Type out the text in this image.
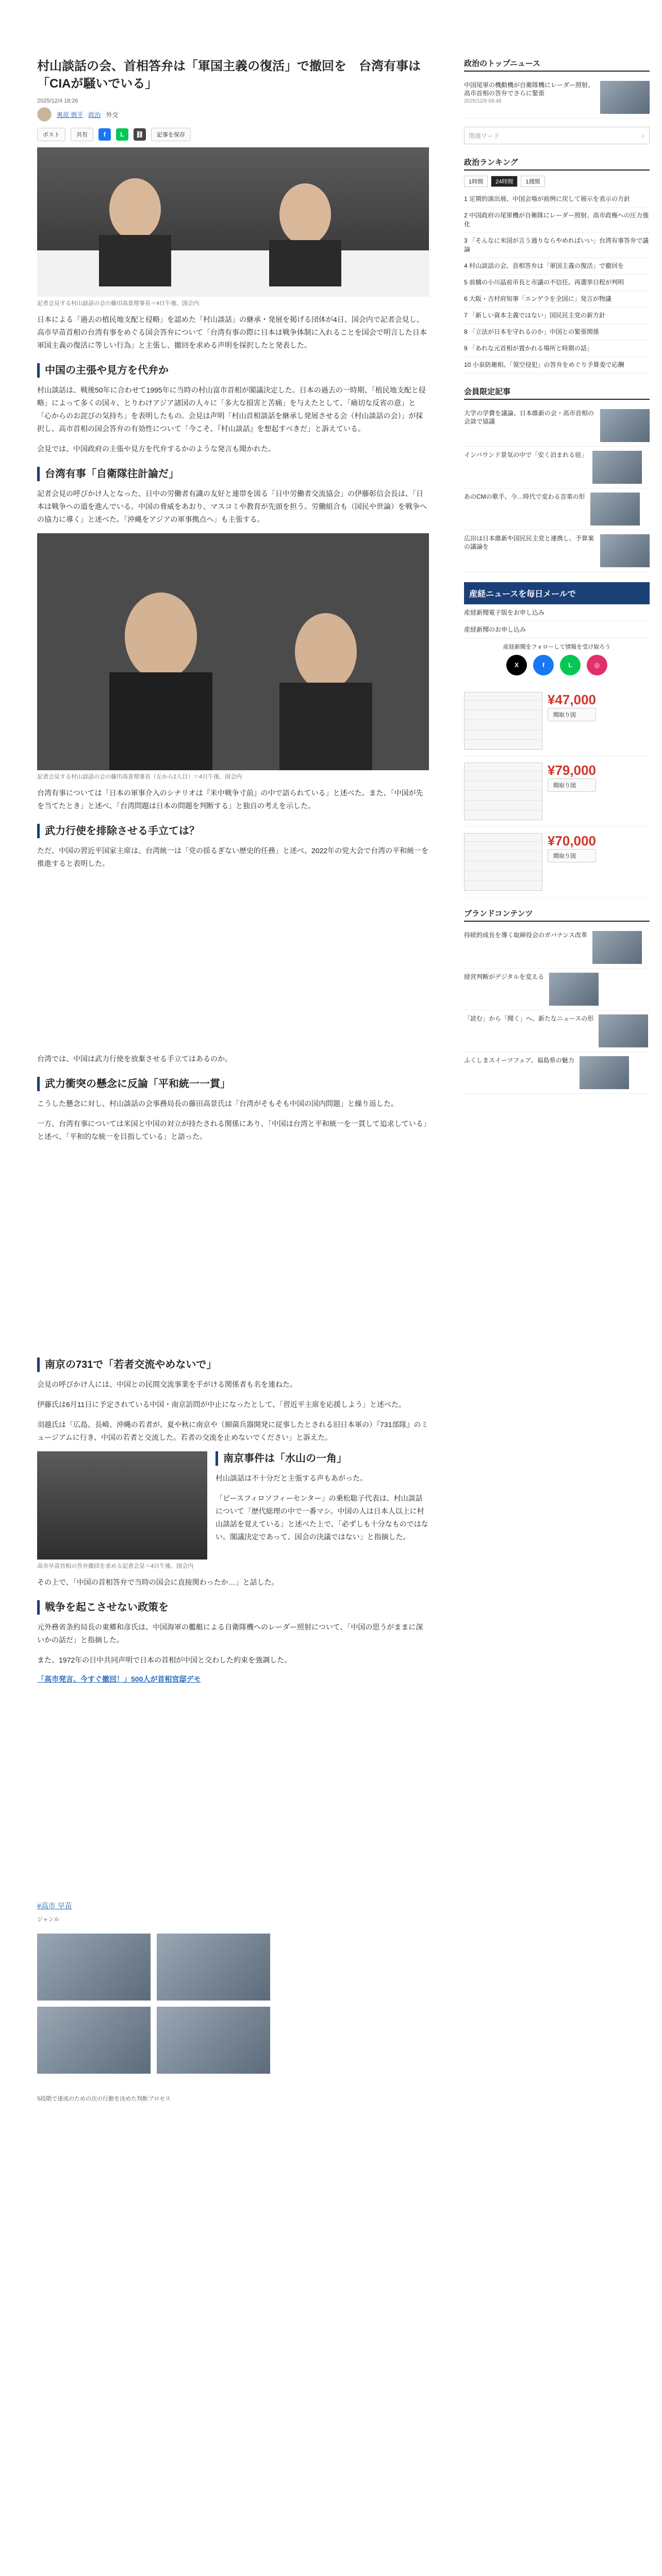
村山談話の会、首相答弁は「軍国主義の復活」で撤回を　台湾有事は「CIAが騒いでいる」
2025/12/4 18:26
奥原 慎平 政治 外交
ポスト	共有	f	L	⛓	記事を保存
記者会見する村山談話の会の藤田高景理事長＝4日午後、国会内

日本による「過去の植民地支配と侵略」を認めた「村山談話」の継承・発展を掲げる団体が4日、国会内で記者会見し、高市早苗首相の台湾有事をめぐる国会答弁について「台湾有事の際に日本は戦争体制に入れることを国会で明言した日本軍国主義の復活に等しい行為」と主張し、撤回を求める声明を採択したと発表した。

中国の主張や見方を代弁か

村山談話は、戦後50年に合わせて1995年に当時の村山富市首相が閣議決定した。日本の過去の一時期、「植民地支配と侵略」によって多くの国々、とりわけアジア諸国の人々に「多大な損害と苦痛」を与えたとして、「痛切な反省の意」と「心からのお詫びの気持ち」を表明したもの。会見は声明「村山首相談話を継承し発展させる会（村山談話の会）」が採択し、高市首相の国会答弁の有効性について「今こそ、『村山談話』を想起すべきだ」と訴えている。

会見では、中国政府の主張や見方を代弁するかのような発言も聞かれた。

台湾有事「自衛隊往計論だ」

記者会見の呼びかけ人となった、日中の労働者有識の友好と連帯を図る「日中労働者交流協会」の伊藤彰信会長は、「日本は戦争への道を進んでいる。中国の脅威をあおり、マスコミや教育が先頭を担う。労働組合も（国民や世論）を戦争への協力に導く」と述べた。「沖縄をアジアの軍事拠点へ」も主張する。

記者会見する村山談話の会の藤田高景理事長（左から2人目）＝4日午後、国会内

台湾有事については「日本の軍事介入のシナリオは『米中戦争寸前』の中で語られている」と述べた。また、「中国が先を当てたとき」と述べ、「台湾問題は日本の問題を判断する」と独自の考えを示した。

武力行使を排除させる手立ては？

ただ、中国の習近平国家主席は、台湾統一は「党の揺るぎない歴史的任務」と述べ、2022年の党大会で台湾の平和統一を推進すると表明した。

台湾では、中国は武力行使を放棄させる手立てはあるのか。

武力衝突の懸念に反論「平和統一一貫」

こうした懸念に対し、村山談話の会事務局長の藤田高景氏は「台湾がそもそも中国の国内問題」と繰り返した。

一方、台湾有事については米国と中国の対立が持たされる関係にあり、「中国は台湾と平和統一を一貫して追求している」と述べ、「平和的な統一を目指している」と語った。

南京の731で「若者交流やめないで」

会見の呼びかけ人には、中国との民間交流事業を手がける関係者も名を連ねた。

伊藤氏は6月11日に予定されている中国・南京訪問が中止になったとして、「習近平主席を応援しよう」と述べた。

羽越氏は「広島、長崎、沖縄の若者が、夏や秋に南京や（細菌兵器開発に従事したとされる旧日本軍の）『731部隊』のミュージアムに行き、中国の若者と交流した。若者の交流を止めないでください」と訴えた。

高市早苗首相の答弁撤回を求める記者会見＝4日午後、国会内
南京事件は「水山の一角」

村山談話は不十分だと主張する声もあがった。

「ピースフィロソフィーセンター」の乗松聡子代表は、村山談話について「歴代総理の中で一番マシ。中国の人は日本人以上に村山談話を覚えている」と述べた上で、「必ずしも十分なものではない。閣議決定であって、国会の決議ではない」と指摘した。

その上で、「中国の首相答弁で当時の国会に直接関わったか…」と話した。

戦争を起こさせない政策を

元外務省条約局長の東郷和彦氏は、中国海軍の艦艇による自衛隊機へのレーダー照射について、「中国の思うがままに深いかの話だ」と指摘した。

また、1972年の日中共同声明で日本の首相が中国と交わした約束を強調した。

「高市発言、今すぐ撤回！」500人が首相官邸デモ
#高市 早苗
ジャンル
5段階で達成のための次の行動を決めた判断プロセス
政治のトップニュース
中国尾軍の機動機が自衛隊機にレーダー照射。高市首相の答弁でさらに緊張
2025/12/8 09:48
関連ワード	⌕
政治ランキング
1時間	24時間	1週間
1 定期的演出展、中国会場が前例に戻して展示を表示の方針
2 中国政府の尾軍機が自衛隊にレーダー照射。高市政権への圧力強化
3 「そんなに米国が言う通りならやめればいい」台湾有事答弁で議論
4 村山談話の会、首相答弁は「軍国主義の復活」で撤回を
5 前橋の小川晶前市長と市議の不信任。再選挙日程が判明
6 大阪・吉村府知事「エンゲラを全国に」発言が物議
7 「新しい資本主義ではない」国民民主党の新方針
8 「立法が日本を守れるのか」中国との緊張関係
9 「あれな元首相が置かれる場所と時期の話」
10 小泉防衛相、「領空侵犯」の答弁をめぐり予算委で応酬
会員限定記事
大学の学費を議論、日本維新の会・高市首相の会談で協議
インバウンド景気の中で「安く泊まれる宿」
あのCMの歌手、今…時代で変わる音楽の形
広田は日本維新や国民民主党と連携し、予算案の議論を
産経ニュースを毎日メールで
産経新聞電子版をお申し込み
産経新聞のお申し込み
産経新聞をフォローして情報を受け取ろう
X	f	L	◎
¥47,000
間取り図
¥79,000
間取り図
¥70,000
間取り図
ブランドコンテンツ
持続的成長を導く取締役会のガバナンス改革
経営判断がデジタルを変える
「読む」から「聞く」へ、新たなニュースの形
ふくしまスイーツフェア、福島県の魅力
